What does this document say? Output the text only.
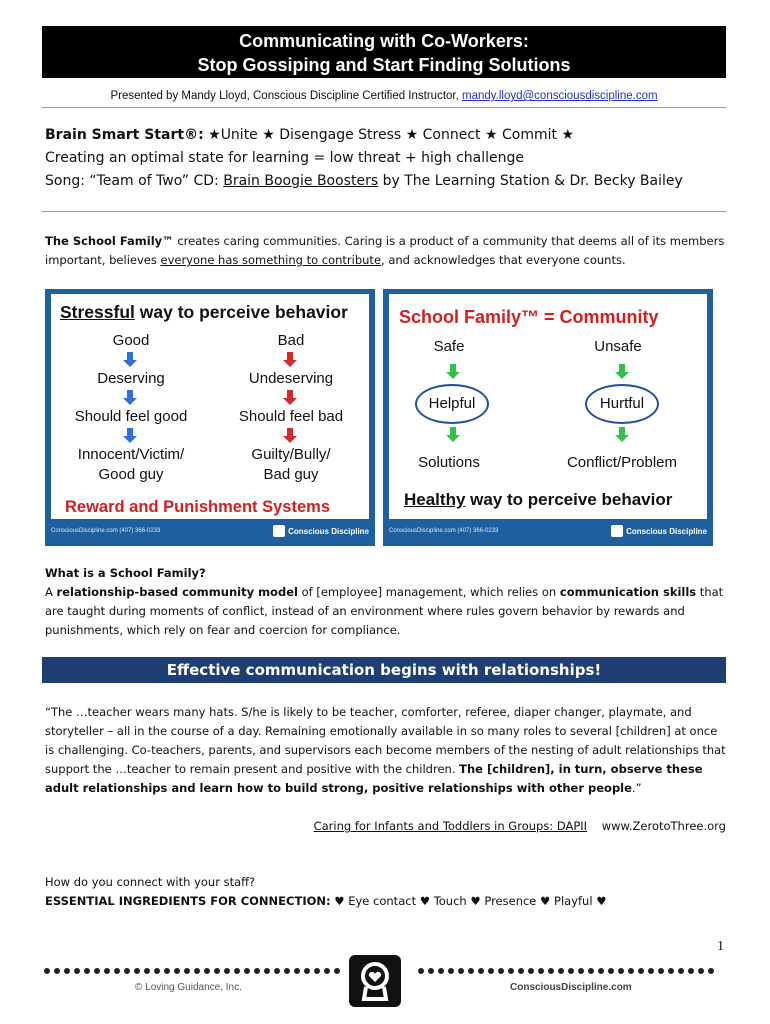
Communicating with Co-Workers:
Stop Gossiping and Start Finding Solutions
Presented by Mandy Lloyd, Conscious Discipline Certified Instructor, mandy.lloyd@consciousdiscipline.com
Brain Smart Start®: ★Unite ★ Disengage Stress ★ Connect ★ Commit ★
Creating an optimal state for learning = low threat + high challenge
Song: “Team of Two” CD: Brain Boogie Boosters by The Learning Station & Dr. Becky Bailey
The School Family™ creates caring communities. Caring is a product of a community that deems all of its members important, believes everyone has something to contribute, and acknowledges that everyone counts.
Stressful way to perceive behavior
Good
Deserving
Should feel good
Innocent/Victim/
Good guy
Bad
Undeserving
Should feel bad
Guilty/Bully/
Bad guy
Reward and Punishment Systems
ConsciousDiscipline.com (407) 366-0233	Conscious Discipline
School Family™ = Community
Safe
Helpful
Solutions
Unsafe
Hurtful
Conflict/Problem
Healthy way to perceive behavior
ConsciousDiscipline.com (407) 366-0233	Conscious Discipline
What is a School Family?
A relationship-based community model of [employee] management, which relies on communication skills that are taught during moments of conflict, instead of an environment where rules govern behavior by rewards and punishments, which rely on fear and coercion for compliance.
Effective communication begins with relationships!
“The …teacher wears many hats. S/he is likely to be teacher, comforter, referee, diaper changer, playmate, and storyteller – all in the course of a day. Remaining emotionally available in so many roles to several [children] at once is challenging. Co-teachers, parents, and supervisors each become members of the nesting of adult relationships that support the …teacher to remain present and positive with the children. The [children], in turn, observe these adult relationships and learn how to build strong, positive relationships with other people.”
Caring for Infants and Toddlers in Groups: DAPII www.ZerotoThree.org
How do you connect with your staff?
ESSENTIAL INGREDIENTS FOR CONNECTION: ♥ Eye contact ♥ Touch ♥ Presence ♥ Playful ♥
1
© Loving Guidance, Inc.	ConsciousDiscipline.com
